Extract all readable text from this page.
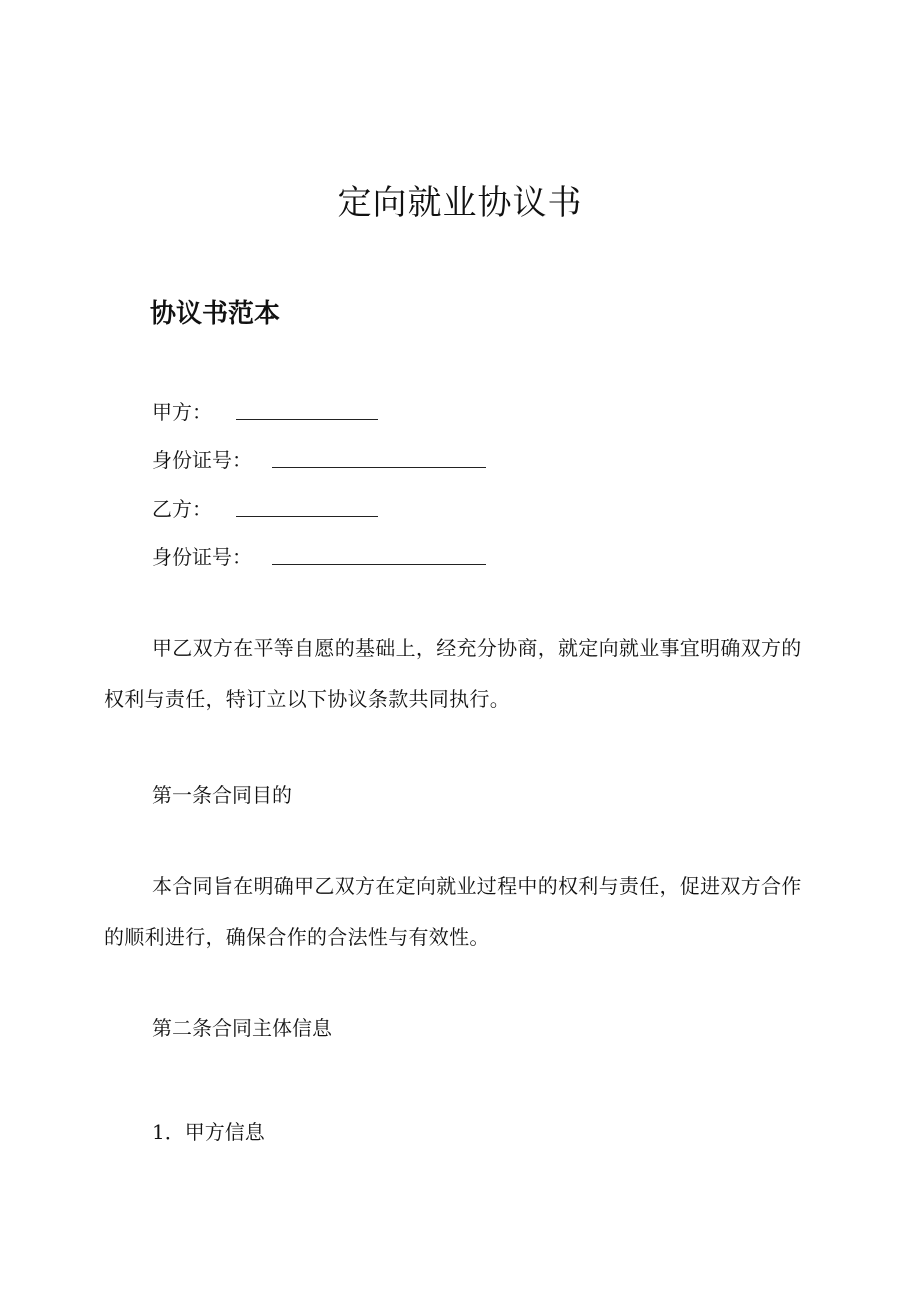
定向就业协议书
协议书范本
甲方：
身份证号：
乙方：
身份证号：

甲乙双方在平等自愿的基础上，经充分协商，就定向就业事宜明确双方的权利与责任，特订立以下协议条款共同执行。

第一条合同目的

本合同旨在明确甲乙双方在定向就业过程中的权利与责任，促进双方合作的顺利进行，确保合作的合法性与有效性。

第二条合同主体信息

1．甲方信息
